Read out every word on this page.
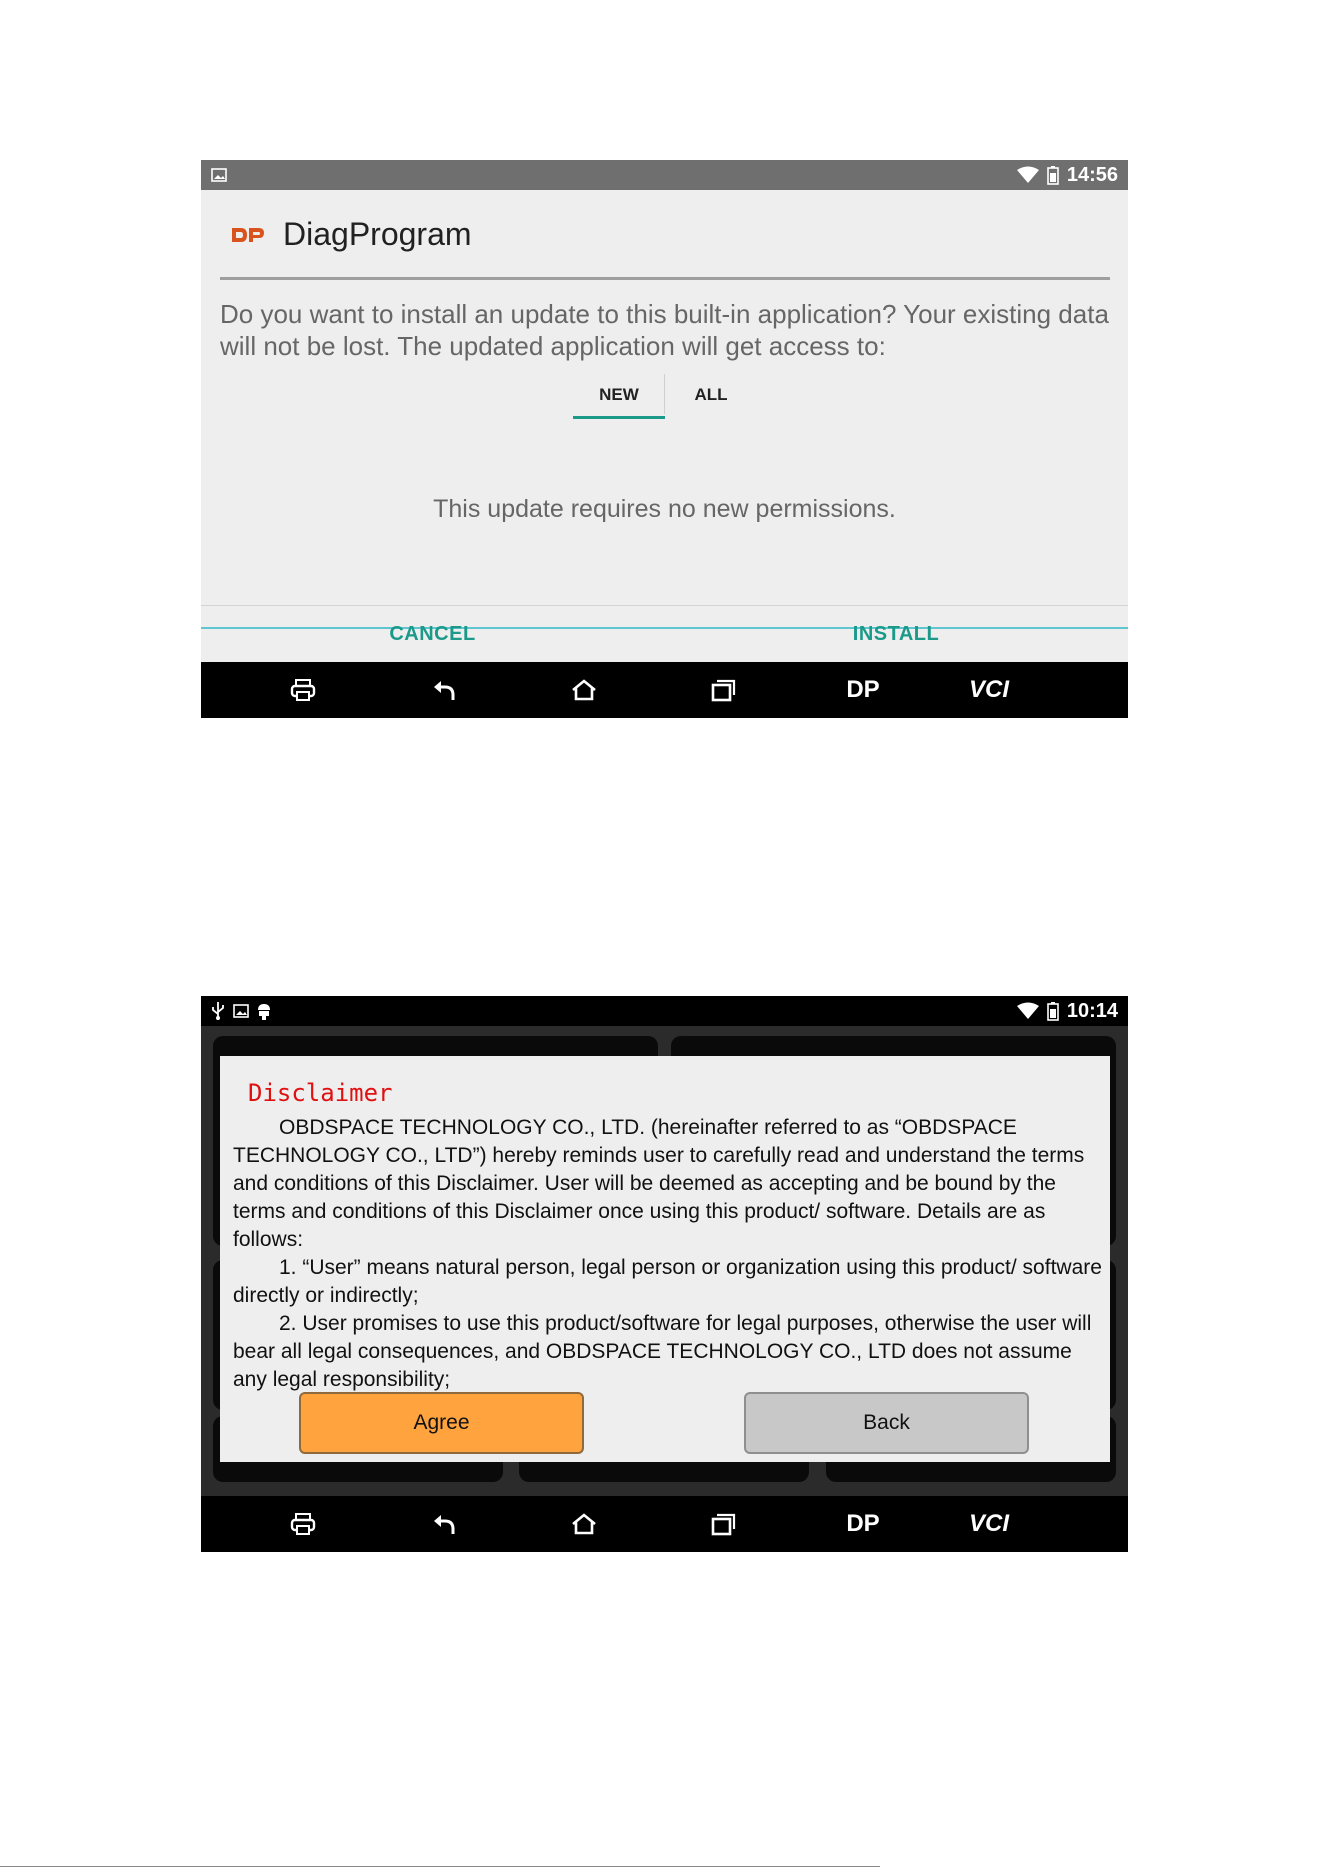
14:56
DiagProgram
Do you want to install an update to this built-in application? Your existing data will not be lost. The updated application will get access to:
NEW	ALL
This update requires no new permissions.
CANCEL	INSTALL
DP	VCI
10:14
Disclaimer

OBDSPACE TECHNOLOGY CO., LTD. (hereinafter referred to as “OBDSPACE TECHNOLOGY CO., LTD”) hereby reminds user to carefully read and understand the terms and conditions of this Disclaimer. User will be deemed as accepting and be bound by the terms and conditions of this Disclaimer once using this product/ software. Details are as follows:

1. “User” means natural person, legal person or organization using this product/ software directly or indirectly;

2. User promises to use this product/software for legal purposes, otherwise the user will bear all legal consequences, and OBDSPACE TECHNOLOGY CO., LTD does not assume any legal responsibility;

Agree	Back
DP	VCI
